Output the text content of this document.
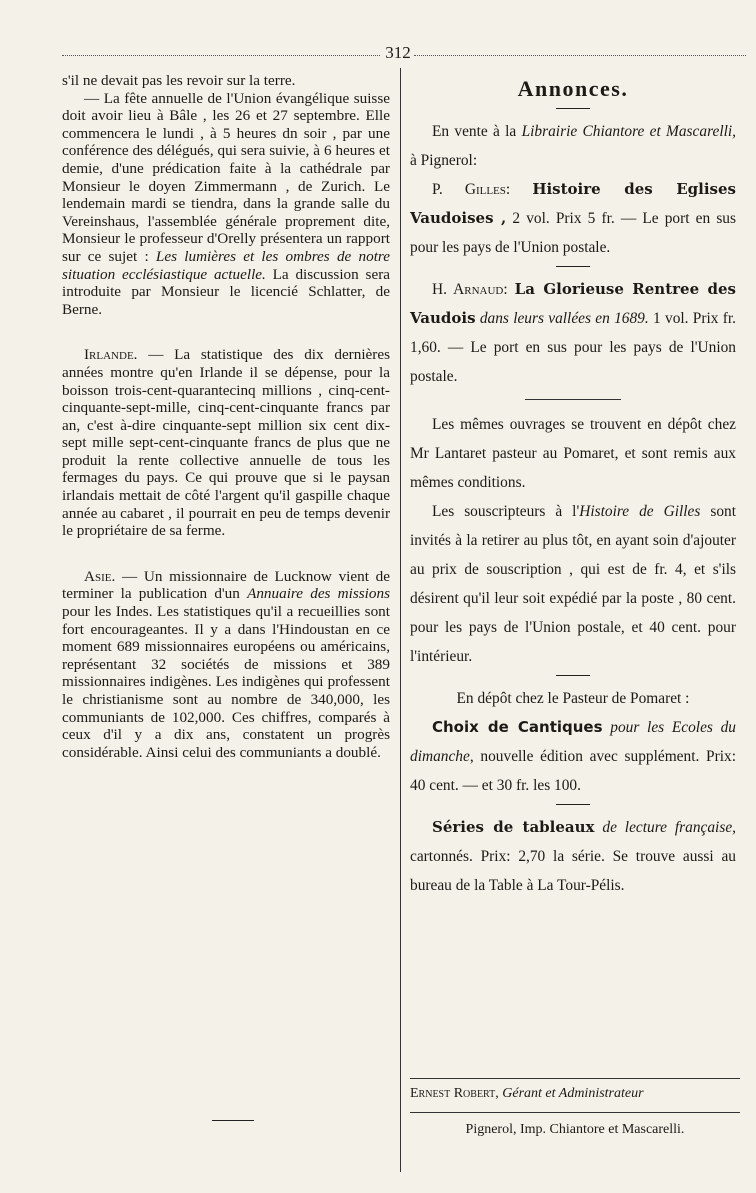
312

s'il ne devait pas les revoir sur la terre.

— La fête annuelle de l'Union évangélique suisse doit avoir lieu à Bâle , les 26 et 27 septembre. Elle commencera le lundi , à 5 heures dn soir , par une conférence des délégués, qui sera suivie, à 6 heures et demie, d'une prédication faite à la cathédrale par Monsieur le doyen Zimmermann , de Zurich. Le lendemain mardi se tiendra, dans la grande salle du Vereinshaus, l'assemblée générale proprement dite, Monsieur le professeur d'Orelly présentera un rapport sur ce sujet : Les lumières et les ombres de notre situation ecclésiastique actuelle. La discussion sera introduite par Monsieur le licencié Schlatter, de Berne.

Irlande. — La statistique des dix dernières années montre qu'en Irlande il se dépense, pour la boisson trois-cent-quarantecinq millions , cinq-cent-cinquante-sept-mille, cinq-cent-cinquante francs par an, c'est à-dire cinquante-sept million six cent dix-sept mille sept-cent-cinquante francs de plus que ne produit la rente collective annuelle de tous les fermages du pays. Ce qui prouve que si le paysan irlandais mettait de côté l'argent qu'il gaspille chaque année au cabaret , il pourrait en peu de temps devenir le propriétaire de sa ferme.

Asie. — Un missionnaire de Lucknow vient de terminer la publication d'un Annuaire des missions pour les Indes. Les statistiques qu'il a recueillies sont fort encourageantes. Il y a dans l'Hindoustan en ce moment 689 missionnaires européens ou américains, représentant 32 sociétés de missions et 389 missionnaires indigènes. Les indigènes qui professent le christianisme sont au nombre de 340,000, les communiants de 102,000. Ces chiffres, comparés à ceux d'il y a dix ans, constatent un progrès considérable. Ainsi celui des communiants a doublé.

Annonces.

En vente à la Librairie Chiantore et Mascarelli, à Pignerol:

P. Gilles: Histoire des Eglises Vaudoises , 2 vol. Prix 5 fr. — Le port en sus pour les pays de l'Union postale.

H. Arnaud: La Glorieuse Rentree des Vaudois dans leurs vallées en 1689. 1 vol. Prix fr. 1,60. — Le port en sus pour les pays de l'Union postale.

Les mêmes ouvrages se trouvent en dépôt chez Mr Lantaret pasteur au Pomaret, et sont remis aux mêmes conditions.

Les souscripteurs à l'Histoire de Gilles sont invités à la retirer au plus tôt, en ayant soin d'ajouter au prix de souscription , qui est de fr. 4, et s'ils désirent qu'il leur soit expédié par la poste , 80 cent. pour les pays de l'Union postale, et 40 cent. pour l'intérieur.

En dépôt chez le Pasteur de Pomaret :

Choix de Cantiques pour les Ecoles du dimanche, nouvelle édition avec supplément. Prix: 40 cent. — et 30 fr. les 100.

Séries de tableaux de lecture française, cartonnés. Prix: 2,70 la série. Se trouve aussi au bureau de la Table à La Tour-Pélis.

Ernest Robert, Gérant et Administrateur
Pignerol, Imp. Chiantore et Mascarelli.
